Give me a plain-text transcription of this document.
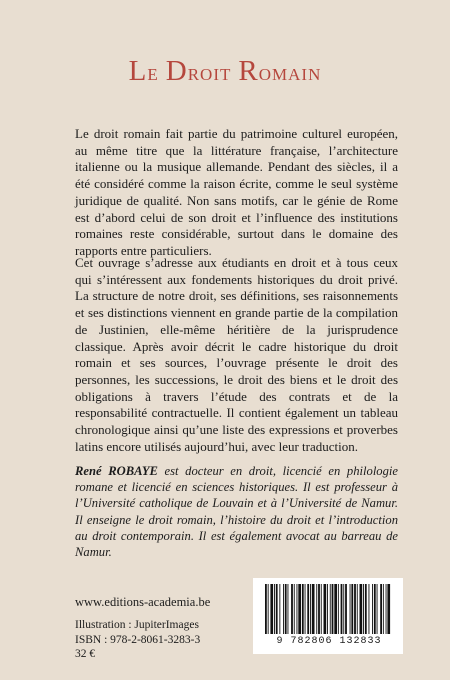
Le Droit Romain

Le droit romain fait partie du patrimoine culturel européen, au même titre que la littérature française, l’architecture italienne ou la musique allemande. Pendant des siècles, il a été considéré comme la raison écrite, comme le seul système juridique de qualité. Non sans motifs, car le génie de Rome est d’abord celui de son droit et l’influence des institutions romaines reste considérable, surtout dans le domaine des rapports entre particuliers.

Cet ouvrage s’adresse aux étudiants en droit et à tous ceux qui s’intéressent aux fondements historiques du droit privé. La structure de notre droit, ses définitions, ses raisonnements et ses distinctions viennent en grande partie de la compilation de Justinien, elle-même héritière de la jurisprudence classique. Après avoir décrit le cadre historique du droit romain et ses sources, l’ouvrage présente le droit des personnes, les successions, le droit des biens et le droit des obligations à travers l’étude des contrats et de la responsabilité contractuelle. Il contient également un tableau chronologique ainsi qu’une liste des expressions et proverbes latins encore utilisés aujourd’hui, avec leur traduction.

René ROBAYE est docteur en droit, licencié en philologie romane et licencié en sciences historiques. Il est professeur à l’Université catholique de Louvain et à l’Université de Namur. Il enseigne le droit romain, l’histoire du droit et l’introduction au droit contemporain. Il est également avocat au barreau de Namur.

www.editions-academia.be
Illustration : JupiterImages
ISBN : 978-2-8061-3283-3
32 €
9 782806 132833
